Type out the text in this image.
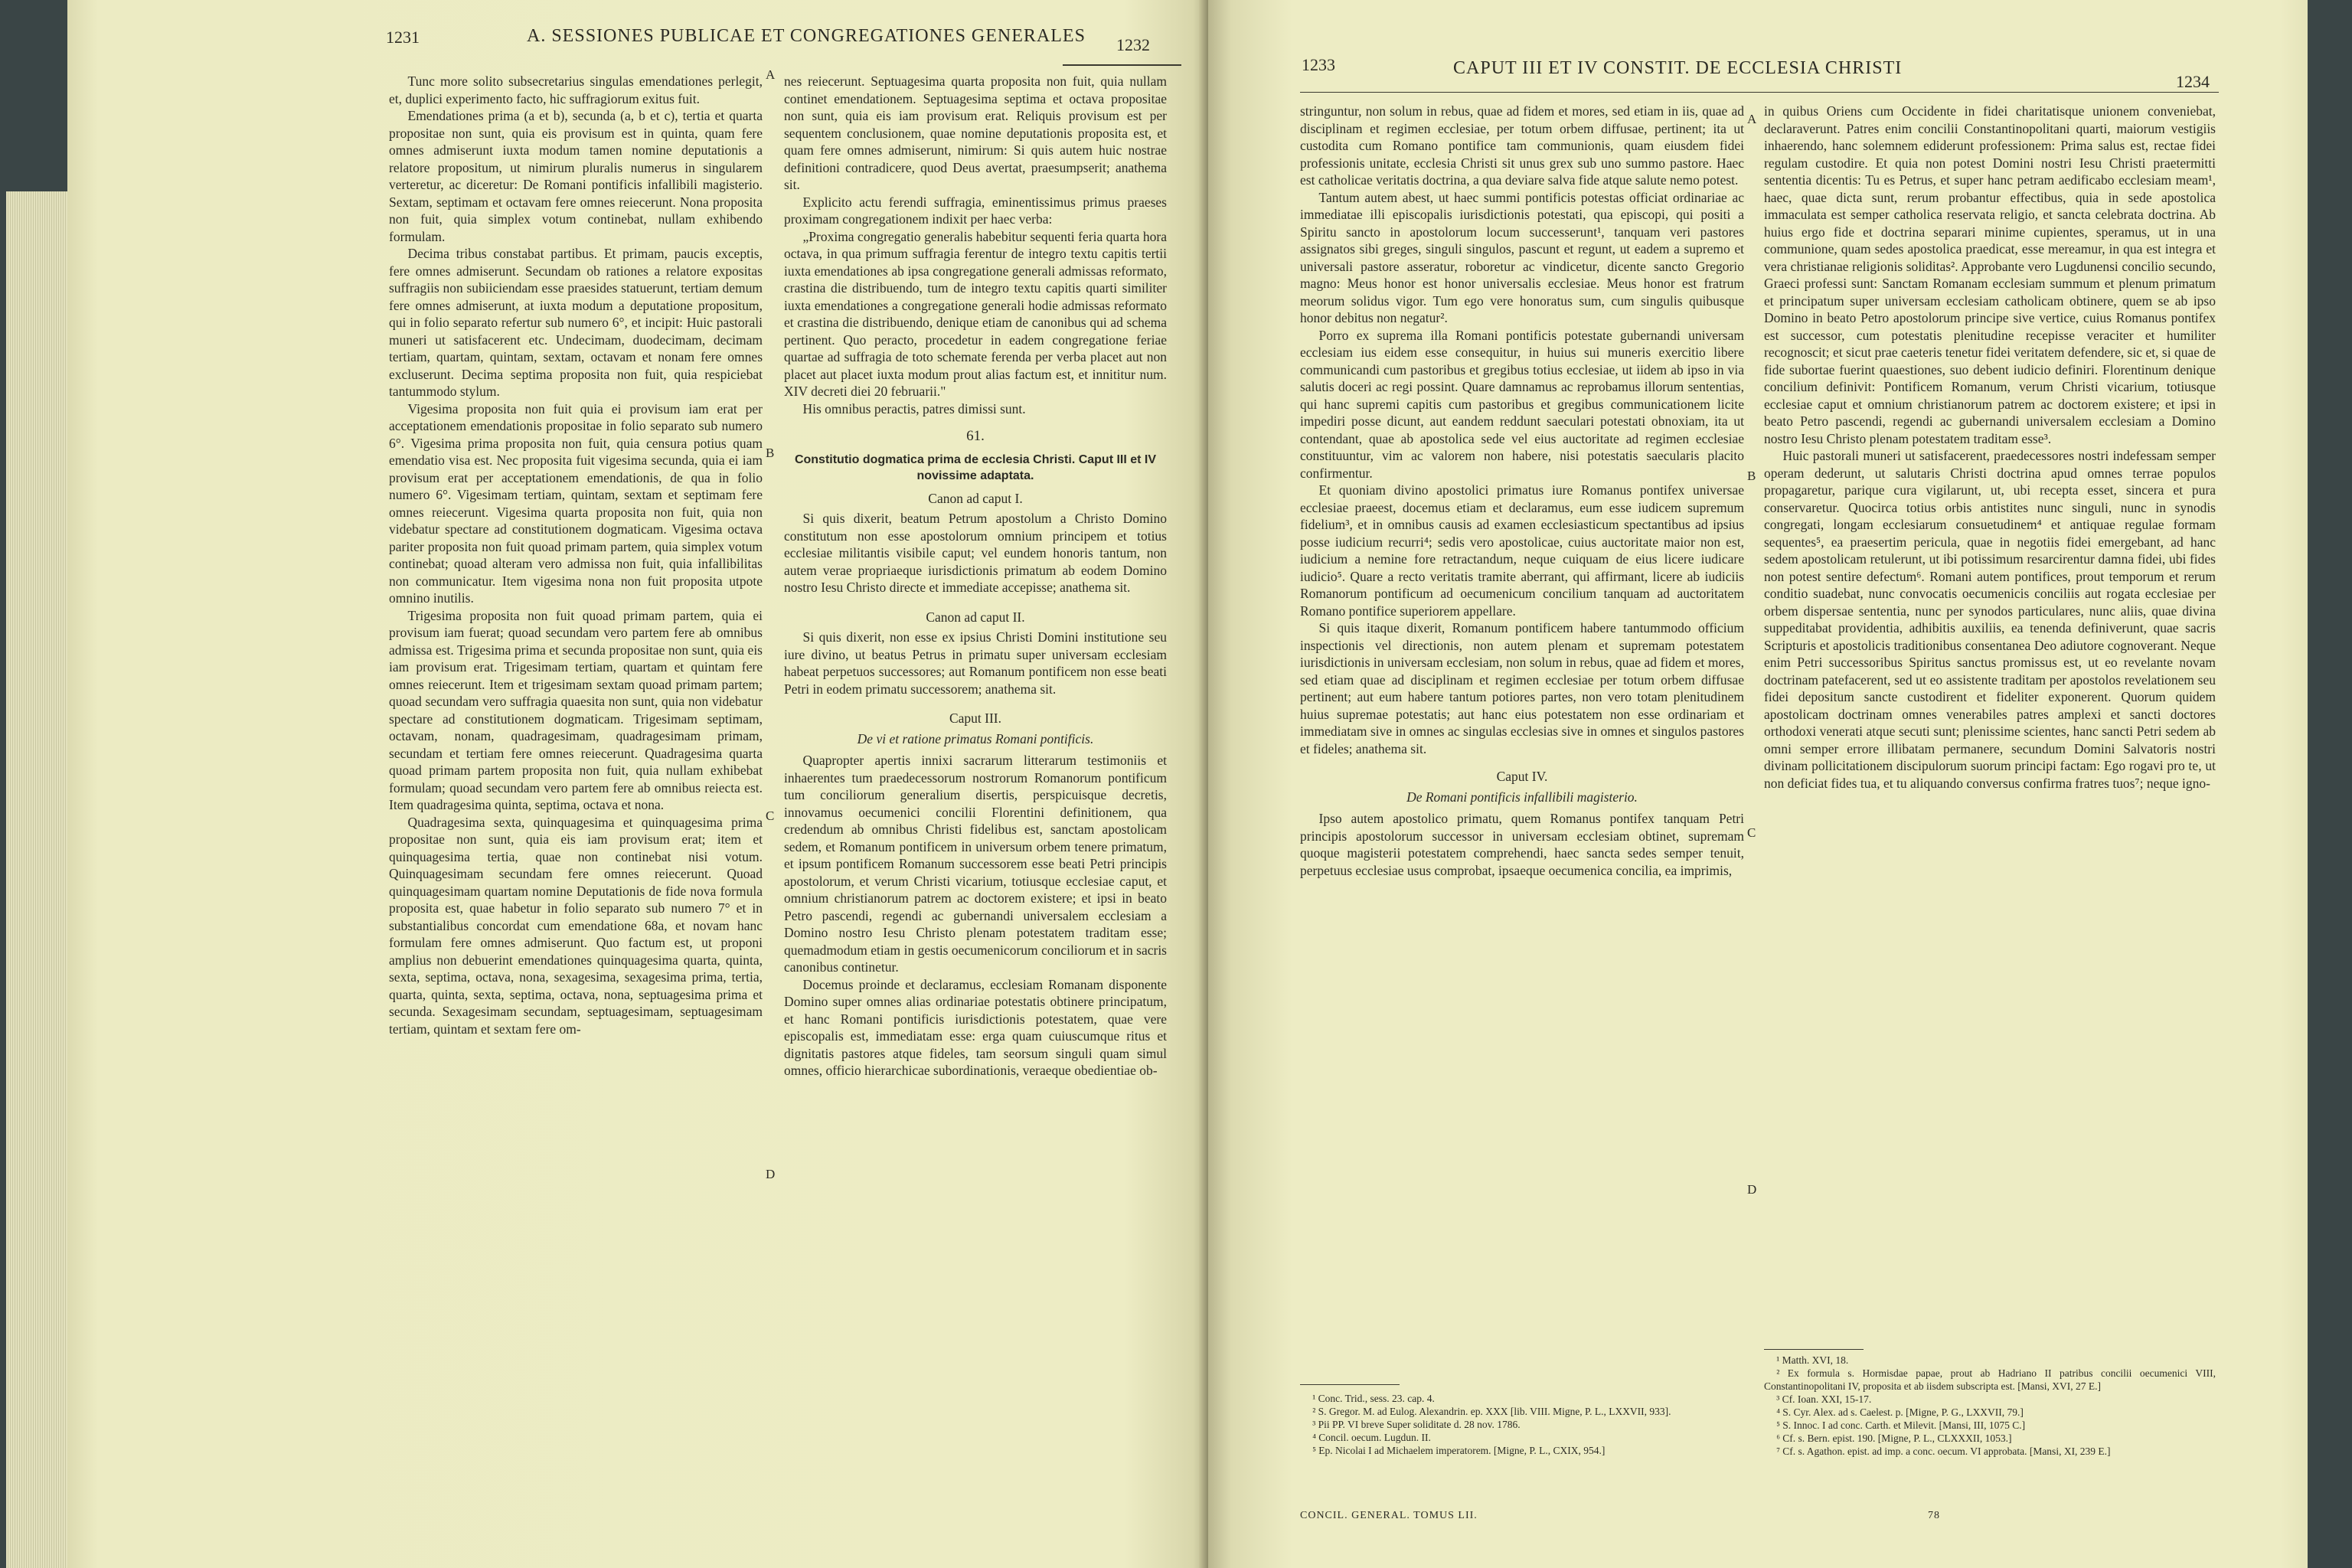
1231	A. SESSIONES PUBLICAE ET CONGREGATIONES GENERALES 1232

Tunc more solito subsecretarius singulas emendationes perlegit, et, duplici experimento facto, hic suffragiorum exitus fuit.

Emendationes prima (a et b), secunda (a, b et c), tertia et quarta propositae non sunt, quia eis provisum est in quinta, quam fere omnes admiserunt iuxta modum tamen nomine deputationis a relatore propositum, ut nimirum pluralis numerus in singularem verteretur, ac diceretur: De Romani pontificis infallibili magisterio. Sextam, septimam et octavam fere omnes reiecerunt. Nona proposita non fuit, quia simplex votum continebat, nullam exhibendo formulam.

Decima tribus constabat partibus. Et primam, paucis exceptis, fere omnes admiserunt. Secundam ob rationes a relatore expositas suffragiis non subiiciendam esse praesides statuerunt, tertiam demum fere omnes admiserunt, at iuxta modum a deputatione propositum, qui in folio separato refertur sub numero 6°, et incipit: Huic pastorali muneri ut satisfacerent etc. Undecimam, duodecimam, decimam tertiam, quartam, quintam, sextam, octavam et nonam fere omnes excluserunt. Decima septima proposita non fuit, quia respiciebat tantummodo stylum.

Vigesima proposita non fuit quia ei provisum iam erat per acceptationem emendationis propositae in folio separato sub numero 6°. Vigesima prima proposita non fuit, quia censura potius quam emendatio visa est. Nec proposita fuit vigesima secunda, quia ei iam provisum erat per acceptationem emendationis, de qua in folio numero 6°. Vigesimam tertiam, quintam, sextam et septimam fere omnes reiecerunt. Vigesima quarta proposita non fuit, quia non videbatur spectare ad constitutionem dogmaticam. Vigesima octava pariter proposita non fuit quoad primam partem, quia simplex votum continebat; quoad alteram vero admissa non fuit, quia infallibilitas non communicatur. Item vigesima nona non fuit proposita utpote omnino inutilis.

Trigesima proposita non fuit quoad primam partem, quia ei provisum iam fuerat; quoad secundam vero partem fere ab omnibus admissa est. Trigesima prima et secunda propositae non sunt, quia eis iam provisum erat. Trigesimam tertiam, quartam et quintam fere omnes reiecerunt. Item et trigesimam sextam quoad primam partem; quoad secundam vero suffragia quaesita non sunt, quia non videbatur spectare ad constitutionem dogmaticam. Trigesimam septimam, octavam, nonam, quadragesimam, quadragesimam primam, secundam et tertiam fere omnes reiecerunt. Quadragesima quarta quoad primam partem proposita non fuit, quia nullam exhibebat formulam; quoad secundam vero partem fere ab omnibus reiecta est. Item quadragesima quinta, septima, octava et nona.

Quadragesima sexta, quinquagesima et quinquagesima prima propositae non sunt, quia eis iam provisum erat; item et quinquagesima tertia, quae non continebat nisi votum. Quinquagesimam secundam fere omnes reiecerunt. Quoad quinquagesimam quartam nomine Deputationis de fide nova formula proposita est, quae habetur in folio separato sub numero 7° et in substantialibus concordat cum emendatione 68a, et novam hanc formulam fere omnes admiserunt. Quo factum est, ut proponi amplius non debuerint emendationes quinquagesima quarta, quinta, sexta, septima, octava, nona, sexagesima, sexagesima prima, tertia, quarta, quinta, sexta, septima, octava, nona, septuagesima prima et secunda. Sexagesimam secundam, septuagesimam, septuagesimam tertiam, quintam et sextam fere om-

A
B
C
D

nes reiecerunt. Septuagesima quarta proposita non fuit, quia nullam continet emendationem. Septuagesima septima et octava propositae non sunt, quia eis iam provisum erat. Reliquis provisum est per sequentem conclusionem, quae nomine deputationis proposita est, et quam fere omnes admiserunt, nimirum: Si quis autem huic nostrae definitioni contradicere, quod Deus avertat, praesumpserit; anathema sit.

Explicito actu ferendi suffragia, eminentissimus primus praeses proximam congregationem indixit per haec verba:

„Proxima congregatio generalis habebitur sequenti feria quarta hora octava, in qua primum suffragia ferentur de integro textu capitis tertii iuxta emendationes ab ipsa congregatione generali admissas reformato, crastina die distribuendo, tum de integro textu capitis quarti similiter iuxta emendationes a congregatione generali hodie admissas reformato et crastina die distribuendo, denique etiam de canonibus qui ad schema pertinent. Quo peracto, procedetur in eadem congregatione feriae quartae ad suffragia de toto schemate ferenda per verba placet aut non placet aut placet iuxta modum prout alias factum est, et innititur num. XIV decreti diei 20 februarii."

His omnibus peractis, patres dimissi sunt.

61.
Constitutio dogmatica prima de ecclesia Christi. Caput III et IV novissime adaptata.
Canon ad caput I.

Si quis dixerit, beatum Petrum apostolum a Christo Domino constitutum non esse apostolorum omnium principem et totius ecclesiae militantis visibile caput; vel eundem honoris tantum, non autem verae propriaeque iurisdictionis primatum ab eodem Domino nostro Iesu Christo directe et immediate accepisse; anathema sit.

Canon ad caput II.

Si quis dixerit, non esse ex ipsius Christi Domini institutione seu iure divino, ut beatus Petrus in primatu super universam ecclesiam habeat perpetuos successores; aut Romanum pontificem non esse beati Petri in eodem primatu successorem; anathema sit.

Caput III.
De vi et ratione primatus Romani pontificis.

Quapropter apertis innixi sacrarum litterarum testimoniis et inhaerentes tum praedecessorum nostrorum Romanorum pontificum tum conciliorum generalium disertis, perspicuisque decretis, innovamus oecumenici concilii Florentini definitionem, qua credendum ab omnibus Christi fidelibus est, sanctam apostolicam sedem, et Romanum pontificem in universum orbem tenere primatum, et ipsum pontificem Romanum successorem esse beati Petri principis apostolorum, et verum Christi vicarium, totiusque ecclesiae caput, et omnium christianorum patrem ac doctorem existere; et ipsi in beato Petro pascendi, regendi ac gubernandi universalem ecclesiam a Domino nostro Iesu Christo plenam potestatem traditam esse; quemadmodum etiam in gestis oecumenicorum conciliorum et in sacris canonibus continetur.

Docemus proinde et declaramus, ecclesiam Romanam disponente Domino super omnes alias ordinariae potestatis obtinere principatum, et hanc Romani pontificis iurisdictionis potestatem, quae vere episcopalis est, immediatam esse: erga quam cuiuscumque ritus et dignitatis pastores atque fideles, tam seorsum singuli quam simul omnes, officio hierarchicae subordinationis, veraeque obedientiae ob-

1233	CAPUT III ET IV CONSTIT. DE ECCLESIA CHRISTI
1234

stringuntur, non solum in rebus, quae ad fidem et mores, sed etiam in iis, quae ad disciplinam et regimen ecclesiae, per totum orbem diffusae, pertinent; ita ut custodita cum Romano pontifice tam communionis, quam eiusdem fidei professionis unitate, ecclesia Christi sit unus grex sub uno summo pastore. Haec est catholicae veritatis doctrina, a qua deviare salva fide atque salute nemo potest.

Tantum autem abest, ut haec summi pontificis potestas officiat ordinariae ac immediatae illi episcopalis iurisdictionis potestati, qua episcopi, qui positi a Spiritu sancto in apostolorum locum successerunt¹, tanquam veri pastores assignatos sibi greges, singuli singulos, pascunt et regunt, ut eadem a supremo et universali pastore asseratur, roboretur ac vindicetur, dicente sancto Gregorio magno: Meus honor est honor universalis ecclesiae. Meus honor est fratrum meorum solidus vigor. Tum ego vere honoratus sum, cum singulis quibusque honor debitus non negatur².

Porro ex suprema illa Romani pontificis potestate gubernandi universam ecclesiam ius eidem esse consequitur, in huius sui muneris exercitio libere communicandi cum pastoribus et gregibus totius ecclesiae, ut iidem ab ipso in via salutis doceri ac regi possint. Quare damnamus ac reprobamus illorum sententias, qui hanc supremi capitis cum pastoribus et gregibus communicationem licite impediri posse dicunt, aut eandem reddunt saeculari potestati obnoxiam, ita ut contendant, quae ab apostolica sede vel eius auctoritate ad regimen ecclesiae constituuntur, vim ac valorem non habere, nisi potestatis saecularis placito confirmentur.

Et quoniam divino apostolici primatus iure Romanus pontifex universae ecclesiae praeest, docemus etiam et declaramus, eum esse iudicem supremum fidelium³, et in omnibus causis ad examen ecclesiasticum spectantibus ad ipsius posse iudicium recurri⁴; sedis vero apostolicae, cuius auctoritate maior non est, iudicium a nemine fore retractandum, neque cuiquam de eius licere iudicare iudicio⁵. Quare a recto veritatis tramite aberrant, qui affirmant, licere ab iudiciis Romanorum pontificum ad oecumenicum concilium tanquam ad auctoritatem Romano pontifice superiorem appellare.

Si quis itaque dixerit, Romanum pontificem habere tantummodo officium inspectionis vel directionis, non autem plenam et supremam potestatem iurisdictionis in universam ecclesiam, non solum in rebus, quae ad fidem et mores, sed etiam quae ad disciplinam et regimen ecclesiae per totum orbem diffusae pertinent; aut eum habere tantum potiores partes, non vero totam plenitudinem huius supremae potestatis; aut hanc eius potestatem non esse ordinariam et immediatam sive in omnes ac singulas ecclesias sive in omnes et singulos pastores et fideles; anathema sit.

Caput IV.
De Romani pontificis infallibili magisterio.

Ipso autem apostolico primatu, quem Romanus pontifex tanquam Petri principis apostolorum successor in universam ecclesiam obtinet, supremam quoque magisterii potestatem comprehendi, haec sancta sedes semper tenuit, perpetuus ecclesiae usus comprobat, ipsaeque oecumenica concilia, ea imprimis,

A
B
C
D

in quibus Oriens cum Occidente in fidei charitatisque unionem conveniebat, declaraverunt. Patres enim concilii Constantinopolitani quarti, maiorum vestigiis inhaerendo, hanc solemnem ediderunt professionem: Prima salus est, rectae fidei regulam custodire. Et quia non potest Domini nostri Iesu Christi praetermitti sententia dicentis: Tu es Petrus, et super hanc petram aedificabo ecclesiam meam¹, haec, quae dicta sunt, rerum probantur effectibus, quia in sede apostolica immaculata est semper catholica reservata religio, et sancta celebrata doctrina. Ab huius ergo fide et doctrina separari minime cupientes, speramus, ut in una communione, quam sedes apostolica praedicat, esse mereamur, in qua est integra et vera christianae religionis soliditas². Approbante vero Lugdunensi concilio secundo, Graeci professi sunt: Sanctam Romanam ecclesiam summum et plenum primatum et principatum super universam ecclesiam catholicam obtinere, quem se ab ipso Domino in beato Petro apostolorum principe sive vertice, cuius Romanus pontifex est successor, cum potestatis plenitudine recepisse veraciter et humiliter recognoscit; et sicut prae caeteris tenetur fidei veritatem defendere, sic et, si quae de fide subortae fuerint quaestiones, suo debent iudicio definiri. Florentinum denique concilium definivit: Pontificem Romanum, verum Christi vicarium, totiusque ecclesiae caput et omnium christianorum patrem ac doctorem existere; et ipsi in beato Petro pascendi, regendi ac gubernandi universalem ecclesiam a Domino nostro Iesu Christo plenam potestatem traditam esse³.

Huic pastorali muneri ut satisfacerent, praedecessores nostri indefessam semper operam dederunt, ut salutaris Christi doctrina apud omnes terrae populos propagaretur, parique cura vigilarunt, ut, ubi recepta esset, sincera et pura conservaretur. Quocirca totius orbis antistites nunc singuli, nunc in synodis congregati, longam ecclesiarum consuetudinem⁴ et antiquae regulae formam sequentes⁵, ea praesertim pericula, quae in negotiis fidei emergebant, ad hanc sedem apostolicam retulerunt, ut ibi potissimum resarcirentur damna fidei, ubi fides non potest sentire defectum⁶. Romani autem pontifices, prout temporum et rerum conditio suadebat, nunc convocatis oecumenicis conciliis aut rogata ecclesiae per orbem dispersae sententia, nunc per synodos particulares, nunc aliis, quae divina suppeditabat providentia, adhibitis auxiliis, ea tenenda definiverunt, quae sacris Scripturis et apostolicis traditionibus consentanea Deo adiutore cognoverant. Neque enim Petri successoribus Spiritus sanctus promissus est, ut eo revelante novam doctrinam patefacerent, sed ut eo assistente traditam per apostolos revelationem seu fidei depositum sancte custodirent et fideliter exponerent. Quorum quidem apostolicam doctrinam omnes venerabiles patres amplexi et sancti doctores orthodoxi venerati atque secuti sunt; plenissime scientes, hanc sancti Petri sedem ab omni semper errore illibatam permanere, secundum Domini Salvatoris nostri divinam pollicitationem discipulorum suorum principi factam: Ego rogavi pro te, ut non deficiat fides tua, et tu aliquando conversus confirma fratres tuos⁷; neque igno-

¹ Conc. Trid., sess. 23. cap. 4.
² S. Gregor. M. ad Eulog. Alexandrin. ep. XXX [lib. VIII. Migne, P. L., LXXVII, 933].
³ Pii PP. VI breve Super soliditate d. 28 nov. 1786.
⁴ Concil. oecum. Lugdun. II.
⁵ Ep. Nicolai I ad Michaelem imperatorem. [Migne, P. L., CXIX, 954.]
¹ Matth. XVI, 18.
² Ex formula s. Hormisdae papae, prout ab Hadriano II patribus concilii oecumenici VIII, Constantinopolitani IV, proposita et ab iisdem subscripta est. [Mansi, XVI, 27 E.]
³ Cf. Ioan. XXI, 15-17.
⁴ S. Cyr. Alex. ad s. Caelest. p. [Migne, P. G., LXXVII, 79.]
⁵ S. Innoc. I ad conc. Carth. et Milevit. [Mansi, III, 1075 C.]
⁶ Cf. s. Bern. epist. 190. [Migne, P. L., CLXXXII, 1053.]
⁷ Cf. s. Agathon. epist. ad imp. a conc. oecum. VI approbata. [Mansi, XI, 239 E.]
CONCIL. GENERAL. TOMUS LII.	78
